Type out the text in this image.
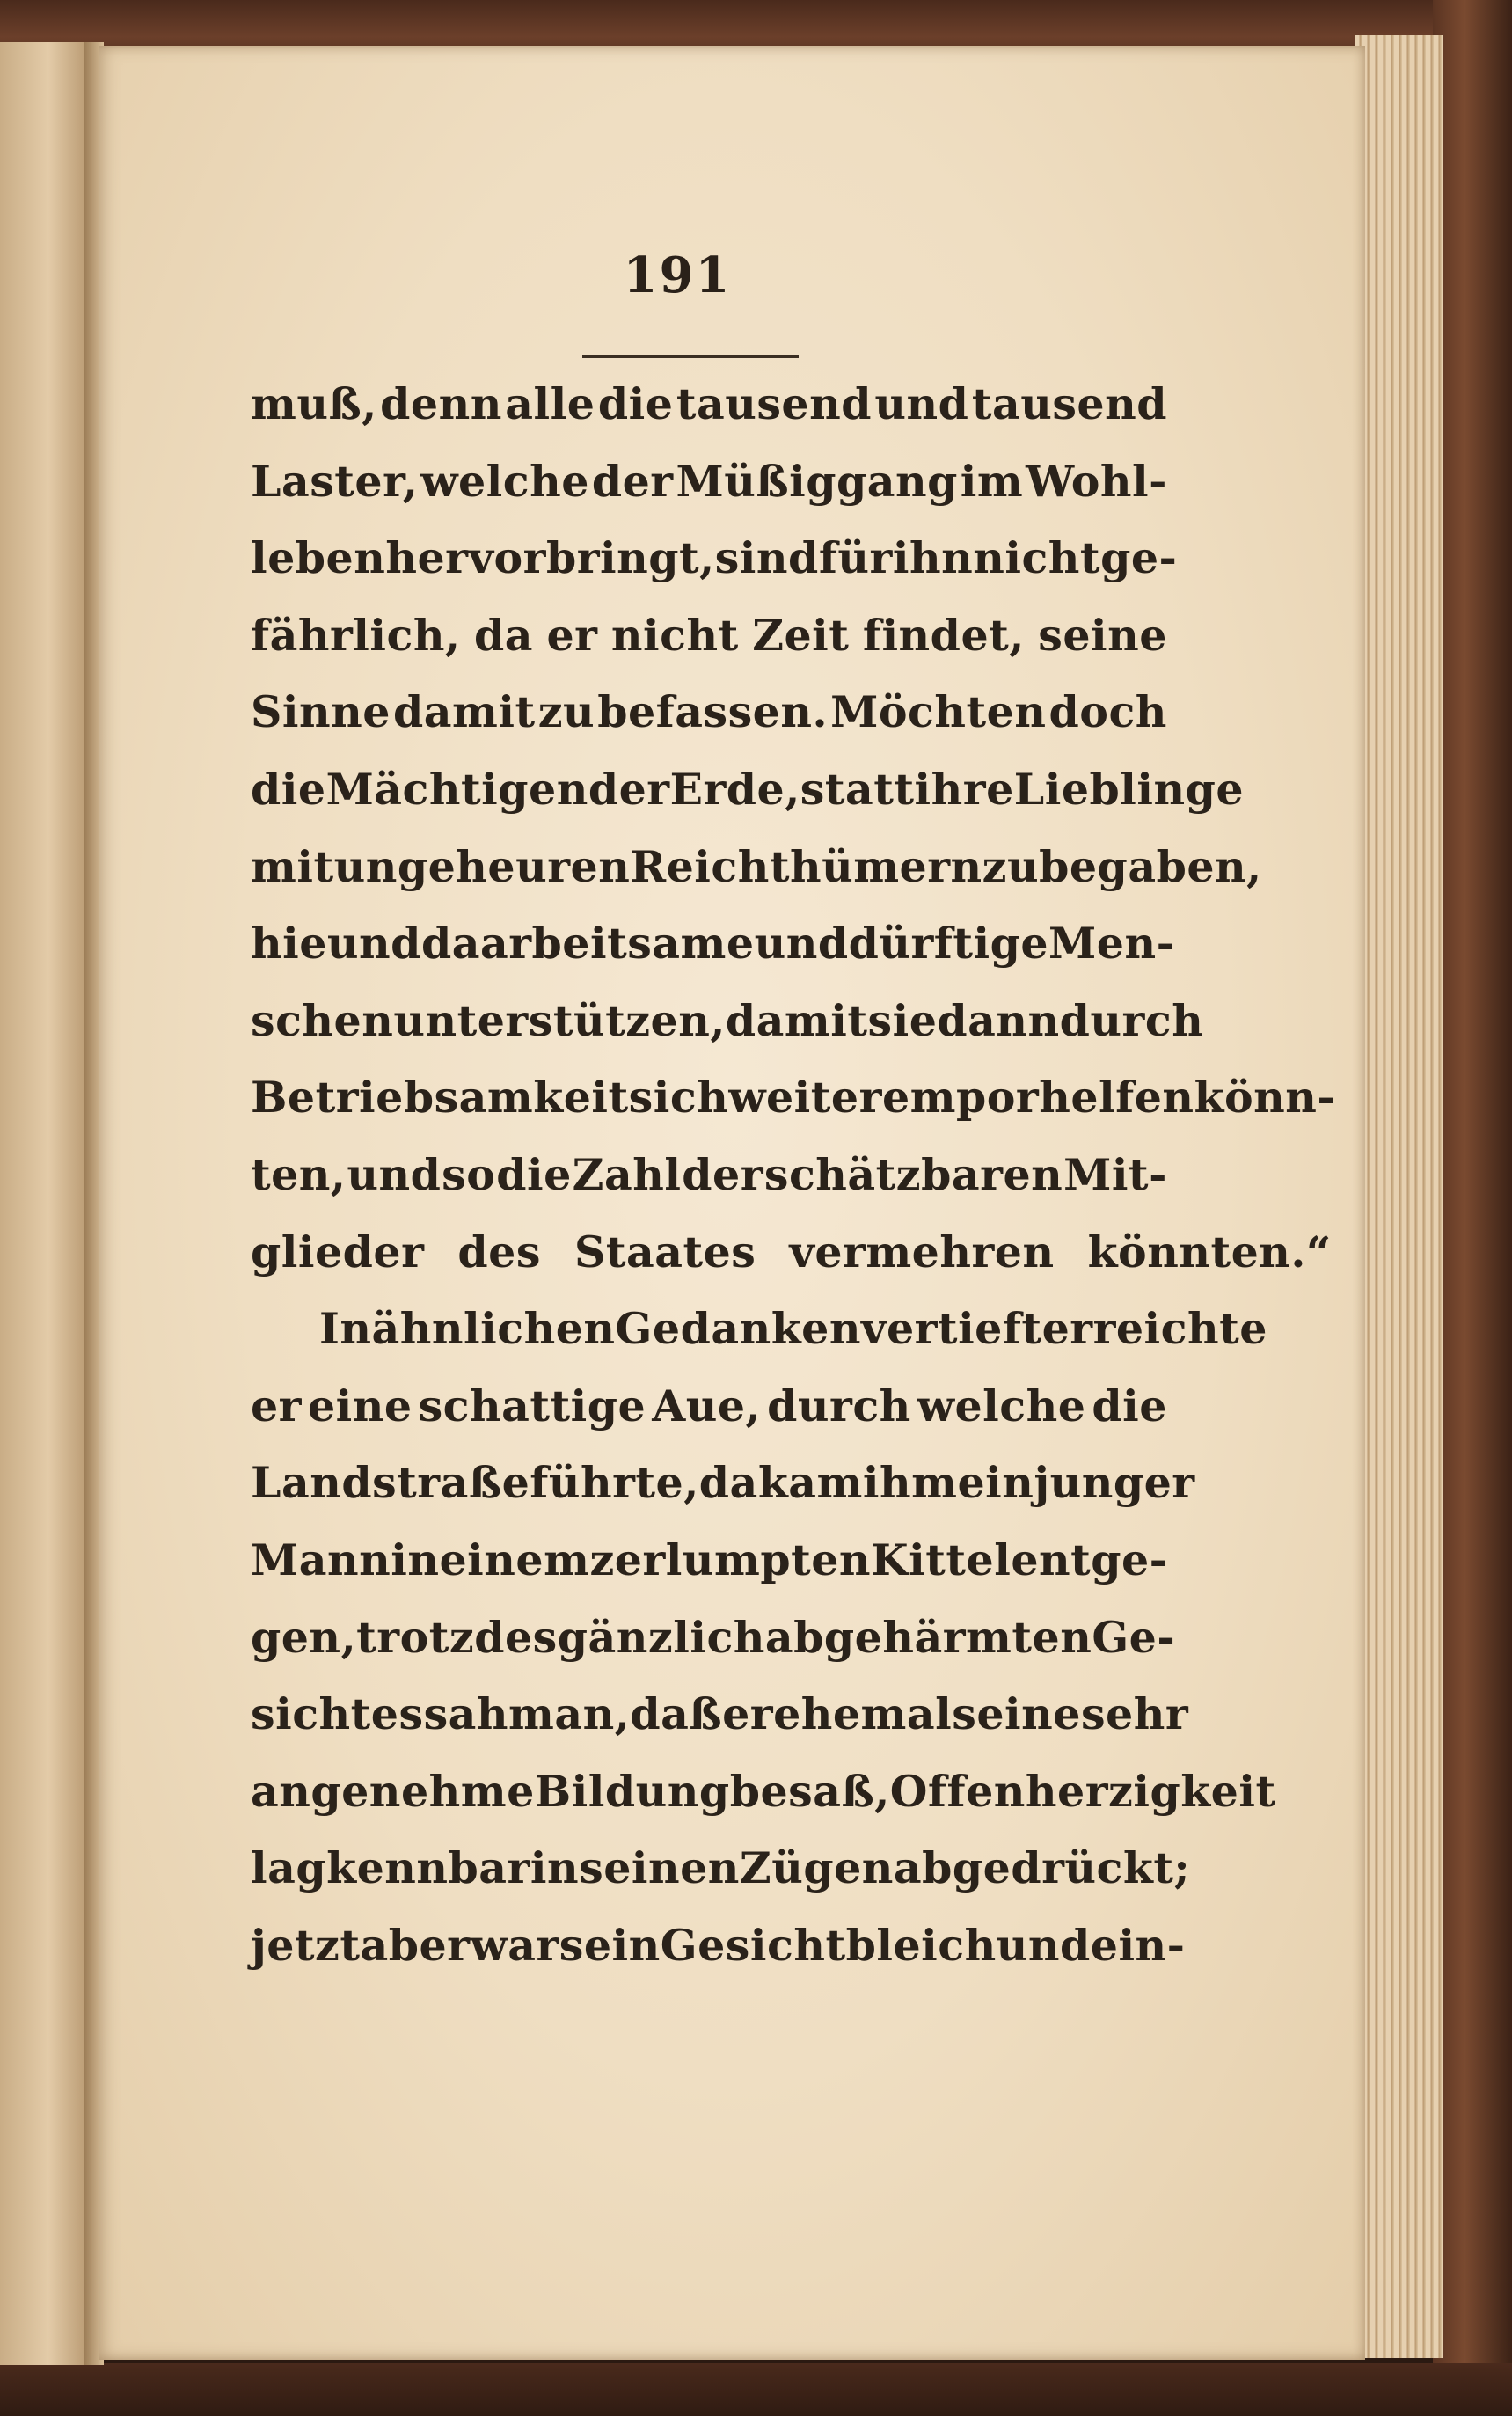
191
muß, denn alle die tausend und tausend
Laster, welche der Müßiggang im Wohl-
leben hervorbringt, sind für ihn nicht ge-
fährlich, da er nicht Zeit findet, seine
Sinne damit zu befassen. Möchten doch
die Mächtigen der Erde, statt ihre Lieblinge
mit ungeheuren Reichthümern zu begaben,
hie und da arbeitsame und dürftige Men-
schen unterstützen, damit sie dann durch
Betriebsamkeit sich weiter emporhelfen könn-
ten, und so die Zahl der schätzbaren Mit-
glieder des Staates vermehren könnten.“
In ähnlichen Gedanken vertieft erreichte
er eine schattige Aue, durch welche die
Landstraße führte, da kam ihm ein junger
Mann in einem zerlumpten Kittel entge-
gen, trotz des gänzlich abgehärmten Ge-
sichtes sah man, daß er ehemals eine sehr
angenehme Bildung besaß, Offenherzigkeit
lag kennbar in seinen Zügen abgedrückt;
jetzt aber war sein Gesicht bleich und ein-
